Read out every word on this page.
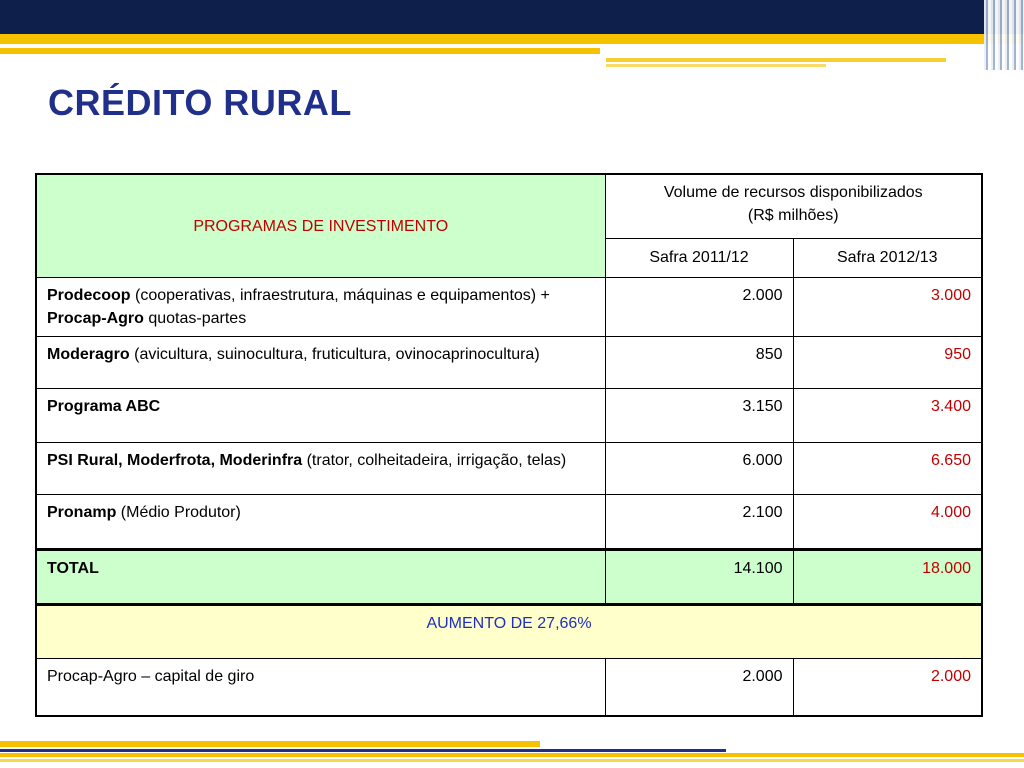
CRÉDITO RURAL
PROGRAMAS DE INVESTIMENTO	Volume de recursos disponibilizados
(R$ milhões)	

	Safra 2011/12	Safra 2012/13
Prodecoop (cooperativas, infraestrutura, máquinas e equipamentos) + Procap-Agro quotas-partes	2.000	3.000
Moderagro (avicultura, suinocultura, fruticultura, ovinocaprinocultura)	850	950
Programa ABC	3.150	3.400
PSI Rural, Moderfrota, Moderinfra (trator, colheitadeira, irrigação, telas)	6.000	6.650
Pronamp (Médio Produtor)	2.100	4.000
TOTAL	14.100	18.000
AUMENTO DE 27,66%		
Procap-Agro – capital de giro	2.000	2.000
